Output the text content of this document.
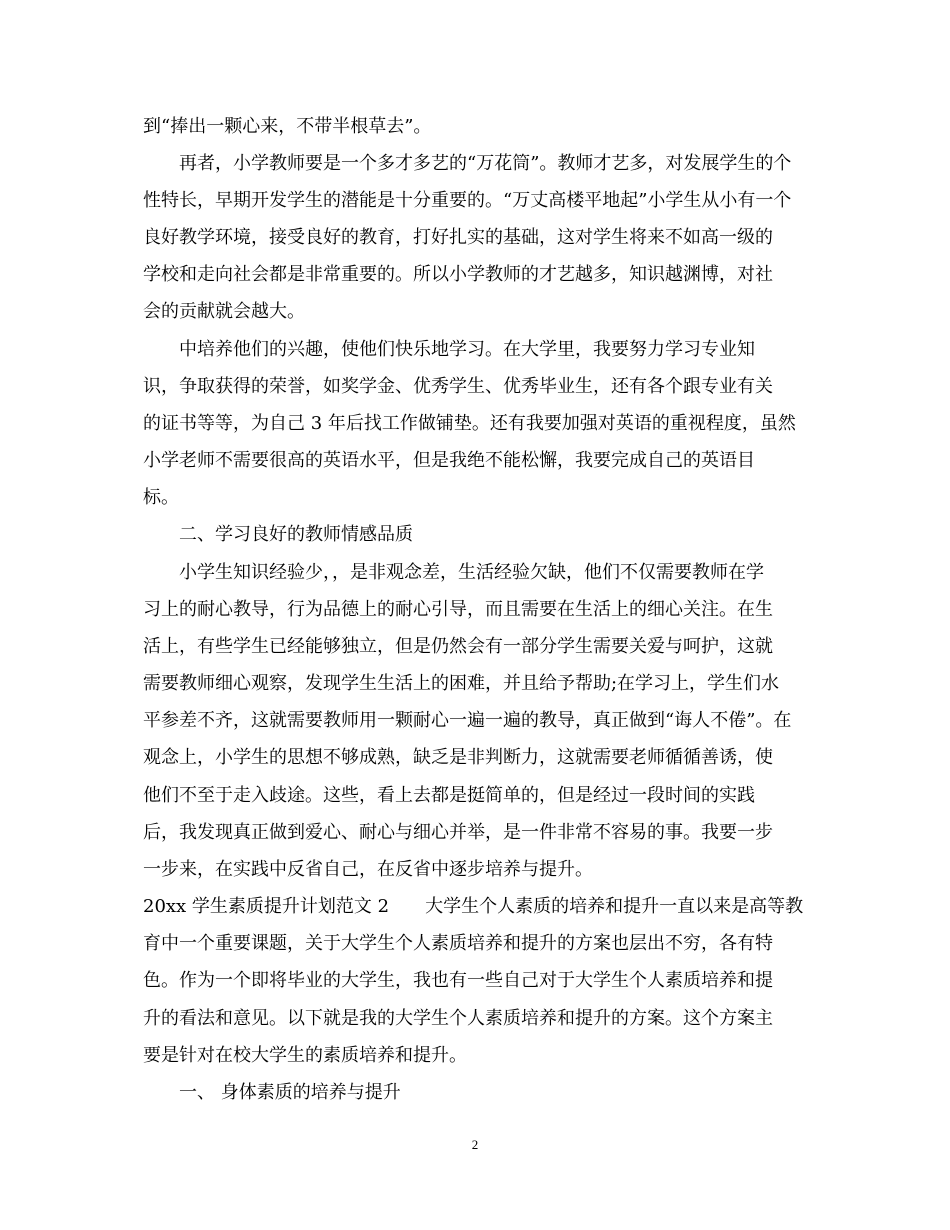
到“捧出一颗心来，不带半根草去”。
再者，小学教师要是一个多才多艺的“万花筒”。教师才艺多，对发展学生的个
性特长，早期开发学生的潜能是十分重要的。“万丈高楼平地起”小学生从小有一个
良好教学环境，接受良好的教育，打好扎实的基础，这对学生将来不如高一级的
学校和走向社会都是非常重要的。所以小学教师的才艺越多，知识越渊博，对社
会的贡献就会越大。
中培养他们的兴趣，使他们快乐地学习。在大学里，我要努力学习专业知
识，争取获得的荣誉，如奖学金、优秀学生、优秀毕业生，还有各个跟专业有关
的证书等等，为自己 3 年后找工作做铺垫。还有我要加强对英语的重视程度，虽然
小学老师不需要很高的英语水平，但是我绝不能松懈，我要完成自己的英语目
标。
二、学习良好的教师情感品质
小学生知识经验少，，是非观念差，生活经验欠缺，他们不仅需要教师在学
习上的耐心教导，行为品德上的耐心引导，而且需要在生活上的细心关注。在生
活上，有些学生已经能够独立，但是仍然会有一部分学生需要关爱与呵护，这就
需要教师细心观察，发现学生生活上的困难，并且给予帮助;在学习上，学生们水
平参差不齐，这就需要教师用一颗耐心一遍一遍的教导，真正做到“诲人不倦”。在
观念上，小学生的思想不够成熟，缺乏是非判断力，这就需要老师循循善诱，使
他们不至于走入歧途。这些，看上去都是挺简单的，但是经过一段时间的实践
后，我发现真正做到爱心、耐心与细心并举，是一件非常不容易的事。我要一步
一步来，在实践中反省自己，在反省中逐步培养与提升。
20xx 学生素质提升计划范文 2　　大学生个人素质的培养和提升一直以来是高等教
育中一个重要课题，关于大学生个人素质培养和提升的方案也层出不穷，各有特
色。作为一个即将毕业的大学生，我也有一些自己对于大学生个人素质培养和提
升的看法和意见。以下就是我的大学生个人素质培养和提升的方案。这个方案主
要是针对在校大学生的素质培养和提升。
一、 身体素质的培养与提升
2
